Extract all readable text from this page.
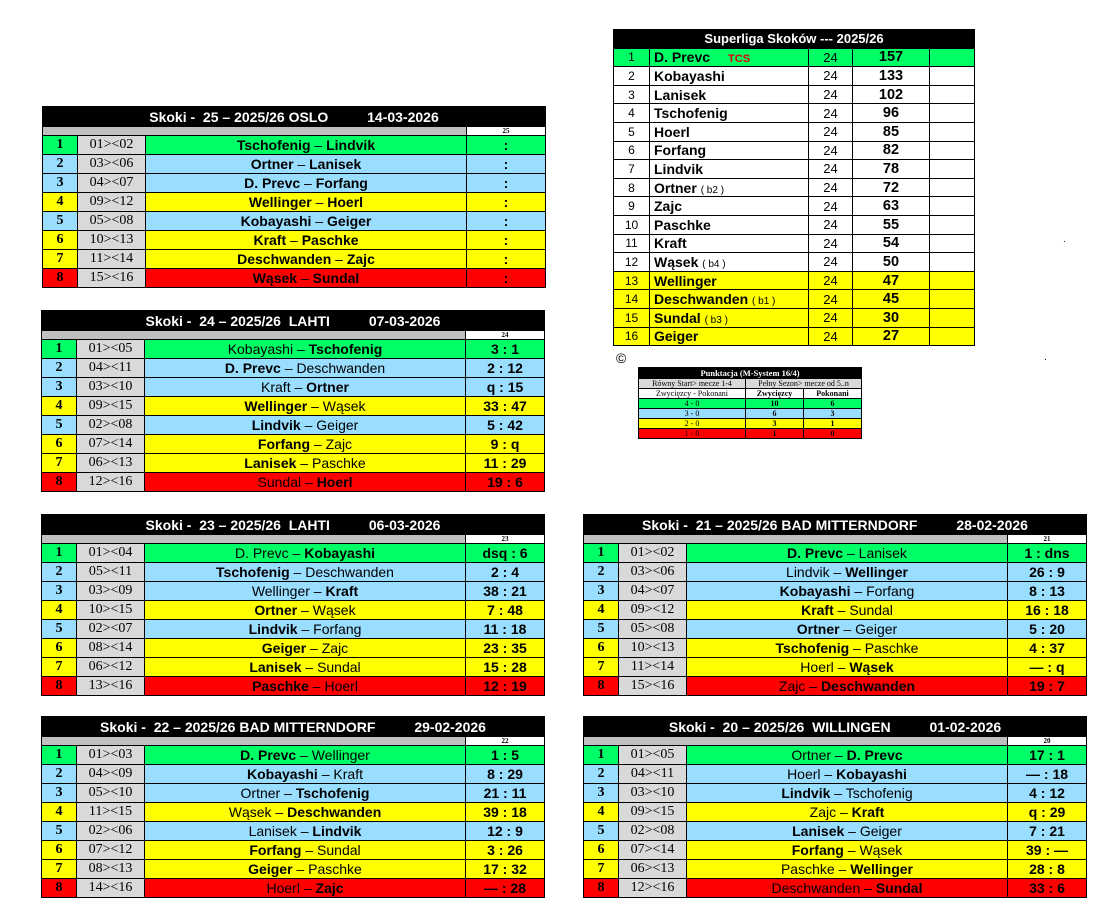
Skoki -  25 – 2025/26 OSLO          14-03-2026			
			25
1	01><02	Tschofenig – Lindvik	:
2	03><06	Ortner – Lanisek	:
3	04><07	D. Prevc – Forfang	:
4	09><12	Wellinger – Hoerl	:
5	05><08	Kobayashi – Geiger	:
6	10><13	Kraft – Paschke	:
7	11><14	Deschwanden – Zajc	:
8	15><16	Wąsek – Sundal	:
Skoki -  24 – 2025/26  LAHTI          07-03-2026			
			24
1	01><05	Kobayashi – Tschofenig	3 : 1
2	04><11	D. Prevc – Deschwanden	2 : 12
3	03><10	Kraft – Ortner	q : 15
4	09><15	Wellinger – Wąsek	33 : 47
5	02><08	Lindvik – Geiger	5 : 42
6	07><14	Forfang – Zajc	9 : q
7	06><13	Lanisek – Paschke	11 : 29
8	12><16	Sundal – Hoerl	19 : 6
Skoki -  23 – 2025/26  LAHTI          06-03-2026			
			23
1	01><04	D. Prevc – Kobayashi	dsq : 6
2	05><11	Tschofenig – Deschwanden	2 : 4
3	03><09	Wellinger – Kraft	38 : 21
4	10><15	Ortner – Wąsek	7 : 48
5	02><07	Lindvik – Forfang	11 : 18
6	08><14	Geiger – Zajc	23 : 35
7	06><12	Lanisek – Sundal	15 : 28
8	13><16	Paschke – Hoerl	12 : 19
Skoki -  22 – 2025/26 BAD MITTERNDORF          29-02-2026			
			22
1	01><03	D. Prevc – Wellinger	1 : 5
2	04><09	Kobayashi – Kraft	8 : 29
3	05><10	Ortner – Tschofenig	21 : 11
4	11><15	Wąsek – Deschwanden	39 : 18
5	02><06	Lanisek – Lindvik	12 : 9
6	07><12	Forfang – Sundal	3 : 26
7	08><13	Geiger – Paschke	17 : 32
8	14><16	Hoerl – Zajc	— : 28
Skoki -  21 – 2025/26 BAD MITTERNDORF          28-02-2026			
			21
1	01><02	D. Prevc – Lanisek	1 : dns
2	03><06	Lindvik – Wellinger	26 : 9
3	04><07	Kobayashi – Forfang	8 : 13
4	09><12	Kraft – Sundal	16 : 18
5	05><08	Ortner – Geiger	5 : 20
6	10><13	Tschofenig – Paschke	4 : 37
7	11><14	Hoerl – Wąsek	— : q
8	15><16	Zajc – Deschwanden	19 : 7
Skoki -  20 – 2025/26  WILLINGEN          01-02-2026			
			20
1	01><05	Ortner – D. Prevc	17 : 1
2	04><11	Hoerl – Kobayashi	— : 18
3	03><10	Lindvik – Tschofenig	4 : 12
4	09><15	Zajc – Kraft	q : 29
5	02><08	Lanisek – Geiger	7 : 21
6	07><14	Forfang – Wąsek	39 : —
7	06><13	Paschke – Wellinger	28 : 8
8	12><16	Deschwanden – Sundal	33 : 6
Superliga Skoków --- 2025/26				
1	D. Prevc TCS	24	157	
2	Kobayashi	24	133	
3	Lanisek	24	102	
4	Tschofenig	24	96	
5	Hoerl	24	85	
6	Forfang	24	82	
7	Lindvik	24	78	
8	Ortner ( b2 )	24	72	
9	Zajc	24	63	
10	Paschke	24	55	
11	Kraft	24	54	
12	Wąsek ( b4 )	24	50	
13	Wellinger	24	47	
14	Deschwanden ( b1 )	24	45	
15	Sundal ( b3 )	24	30	
16	Geiger	24	27	
©
Punktacja (M-System 16/4)		
Równy Start> mecze 1-4	Pełny Sezon> mecze od 5..n	
Zwycięzcy - Pokonani	Zwycięzcy	Pokonani
4 - 0	10	6
3 - 0	6	3
2 - 0	3	1
1 - 0	1	0
.
.
